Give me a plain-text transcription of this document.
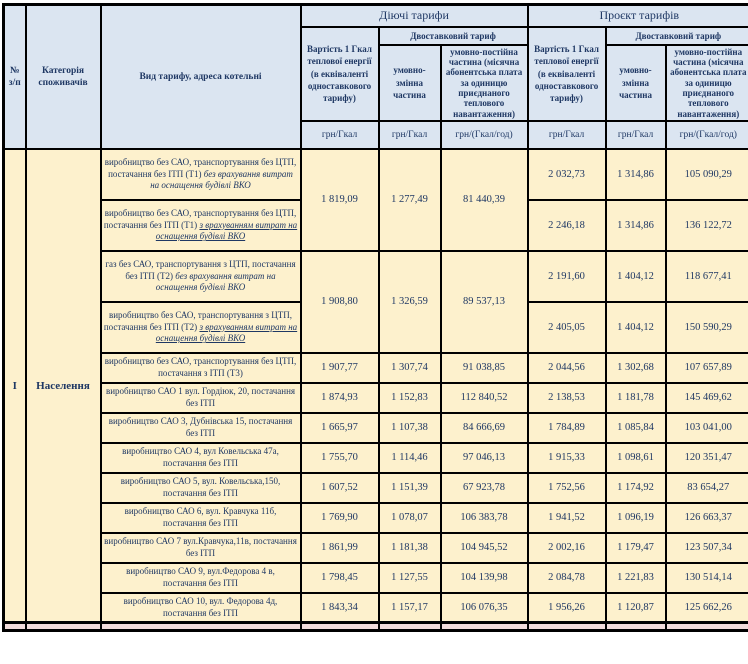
№ з/п	Категорія споживачів	Вид тарифу, адреса котельні	Діючі тарифи			Проєкт тарифів		
			Вартість 1 Гкал теплової енергії (в еквіваленті одноставкового тарифу)	Двоставковий тариф		Вартість 1 Гкал теплової енергії (в еквіваленті одноставкового тарифу)	Двоставковий тариф	
				умовно-змінна частина	умовно-постійна частина (місячна абонентська плата за одиницю приєднаного теплового навантаження)		умовно-змінна частина	умовно-постійна частина (місячна абонентська плата за одиницю приєднаного теплового навантаження)
			грн/Гкал	грн/Гкал	грн/(Гкал/год)	грн/Гкал	грн/Гкал	грн/(Гкал/год)
I	Населення	виробництво без САО, транспортування без ЦТП, постачання без ІТП (Т1) без врахування витрат на оснащення будівлі ВКО	1 819,09	1 277,49	81 440,39	2 032,73	1 314,86	105 090,29
		виробництво без САО, транспортування без ЦТП, постачання без ІТП (Т1) з врахуванням витрат на оснащення будівлі ВКО				2 246,18	1 314,86	136 122,72
		газ без САО, транспортування з ЦТП, постачання без ІТП (Т2) без врахування витрат на оснащення будівлі ВКО	1 908,80	1 326,59	89 537,13	2 191,60	1 404,12	118 677,41
		виробництво без САО, транспортування з ЦТП, постачання без ІТП (Т2) з врахуванням витрат на оснащення будівлі ВКО				2 405,05	1 404,12	150 590,29
		виробництво без САО, транспортування без ЦТП, постачання з ІТП (Т3)	1 907,77	1 307,74	91 038,85	2 044,56	1 302,68	107 657,89
		виробництво САО 1 вул. Гордіюк, 20, постачання без ІТП	1 874,93	1 152,83	112 840,52	2 138,53	1 181,78	145 469,62
		виробництво САО 3, Дубнівська 15, постачання без ІТП	1 665,97	1 107,38	84 666,69	1 784,89	1 085,84	103 041,00
		виробництво САО 4, вул Ковельська 47а, постачання без ІТП	1 755,70	1 114,46	97 046,13	1 915,33	1 098,61	120 351,47
		виробництво САО 5, вул. Ковельська,150, постачання без ІТП	1 607,52	1 151,39	67 923,78	1 752,56	1 174,92	83 654,27
		виробництво САО 6, вул. Кравчука 11б, постачання без ІТП	1 769,90	1 078,07	106 383,78	1 941,52	1 096,19	126 663,37
		виробництво САО 7 вул.Кравчука,11в, постачання без ІТП	1 861,99	1 181,38	104 945,52	2 002,16	1 179,47	123 507,34
		виробництво САО 9, вул.Федорова 4 в, постачання без ІТП	1 798,45	1 127,55	104 139,98	2 084,78	1 221,83	130 514,14
		виробництво САО 10, вул. Федорова 4д, постачання без ІТП	1 843,34	1 157,17	106 076,35	1 956,26	1 120,87	125 662,26
